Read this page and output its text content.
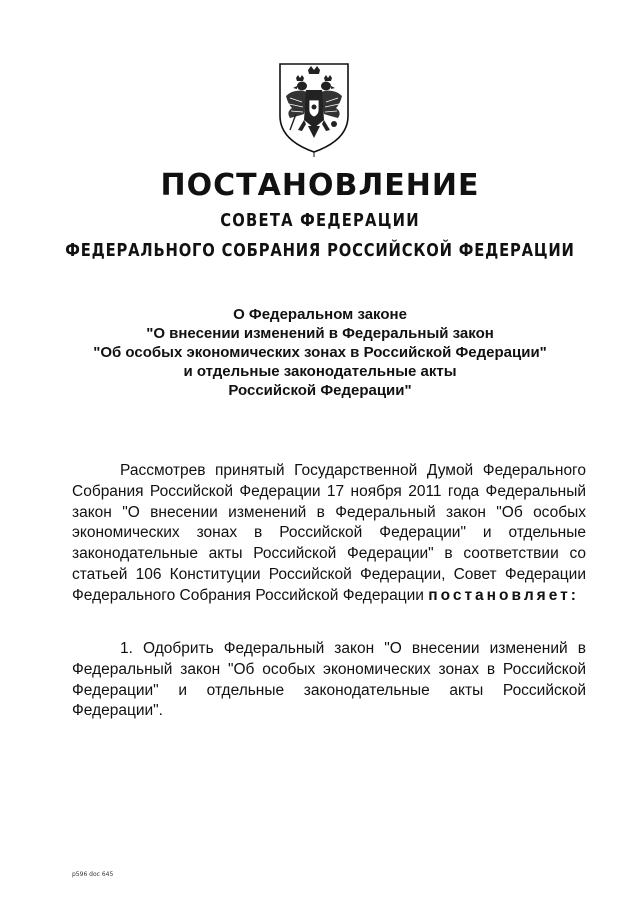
ПОСТАНОВЛЕНИЕ
СОВЕТА ФЕДЕРАЦИИ
ФЕДЕРАЛЬНОГО СОБРАНИЯ РОССИЙСКОЙ ФЕДЕРАЦИИ
О Федеральном законе
"О внесении изменений в Федеральный закон
"Об особых экономических зонах в Российской Федерации"
и отдельные законодательные акты
Российской Федерации"
Рассмотрев принятый Государственной Думой Федерального Собрания Российской Федерации 17 ноября 2011 года Федеральный закон "О внесении изменений в Федеральный закон "Об особых экономических зонах в Российской Федерации" и отдельные законодательные акты Российской Федерации" в соответствии со статьей 106 Конституции Российской Федерации, Совет Федерации Федерального Собрания Российской Федерации постановляет:
1. Одобрить Федеральный закон "О внесении изменений в Федеральный закон "Об особых экономических зонах в Российской Федерации" и отдельные законодательные акты Российской Федерации".
p596 doc 645
